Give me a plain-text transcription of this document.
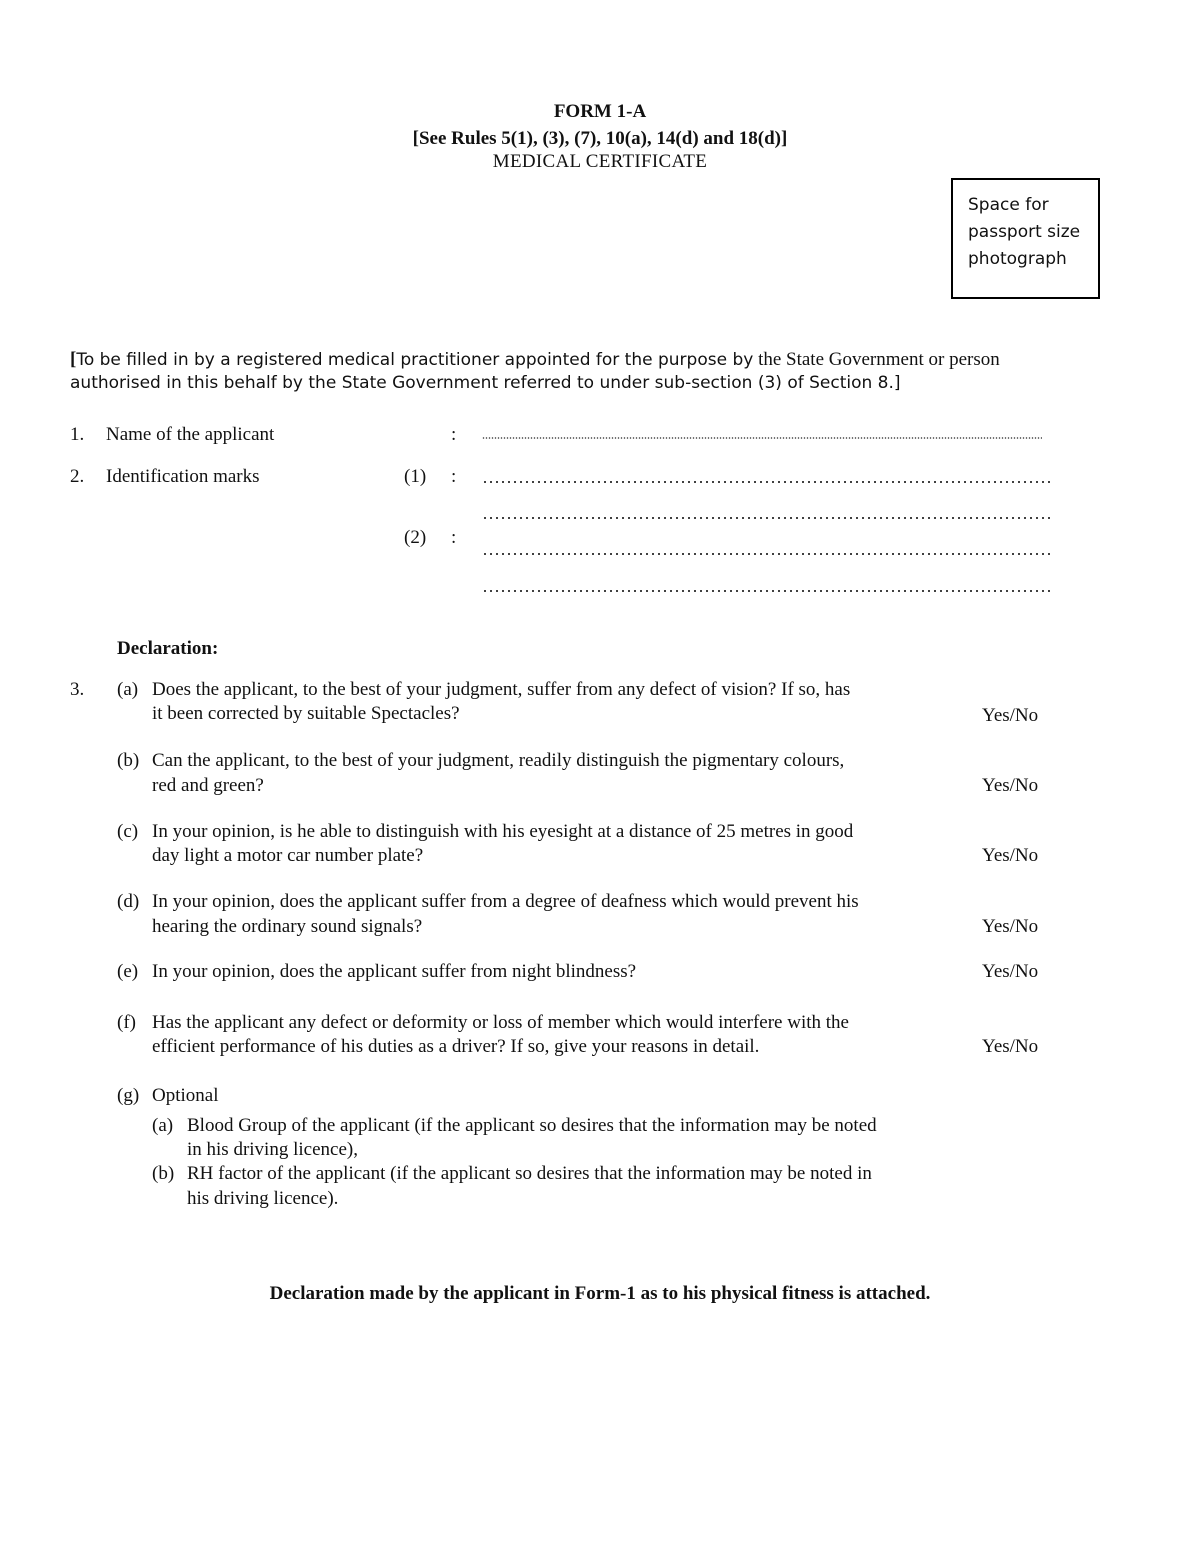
FORM 1-A
[See Rules 5(1), (3), (7), 10(a), 14(d) and 18(d)]
MEDICAL CERTIFICATE
Space for
passport size
photograph
[To be filled in by a registered medical practitioner appointed for the purpose by the State Government or person
authorised in this behalf by the State Government referred to under sub-section (3) of Section 8.]
1. Name of the applicant	:
2. Identification marks	(1) :
(2) :
Declaration:
3. (a) Does the applicant, to the best of your judgment, suffer from any defect of vision? If so, has
it been corrected by suitable Spectacles?	Yes/No
(b) Can the applicant, to the best of your judgment, readily distinguish the pigmentary colours,
red and green?	Yes/No
(c) In your opinion, is he able to distinguish with his eyesight at a distance of 25 metres in good
day light a motor car number plate?	Yes/No
(d) In your opinion, does the applicant suffer from a degree of deafness which would prevent his
hearing the ordinary sound signals?	Yes/No
(e) In your opinion, does the applicant suffer from night blindness?	Yes/No
(f) Has the applicant any defect or deformity or loss of member which would interfere with the
efficient performance of his duties as a driver? If so, give your reasons in detail.	Yes/No
(g) Optional
(a) Blood Group of the applicant (if the applicant so desires that the information may be noted
in his driving licence),
(b) RH factor of the applicant (if the applicant so desires that the information may be noted in
his driving licence).
Declaration made by the applicant in Form-1 as to his physical fitness is attached.
